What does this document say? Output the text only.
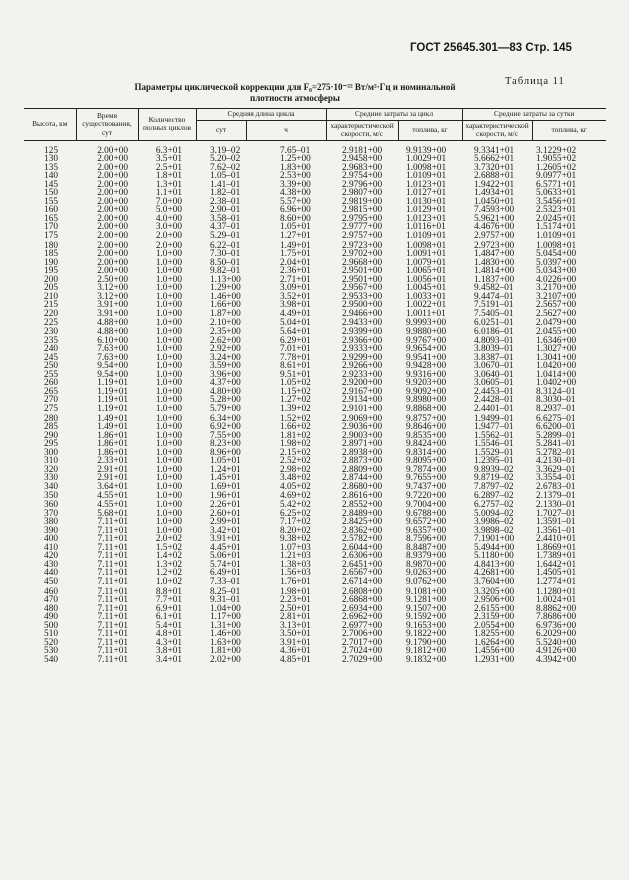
ГОСТ 25645.301—83 Стр. 145
Таблица 11
Параметры циклической коррекции для F₀=275·10⁻²² Вт/м²·Гц и номинальной
плотности атмосферы
Высота, км	Время существования, сут	Количество полных циклов	Средняя длина цикла		Средние затраты за цикл		Средние затраты за сутки	
			сут	ч	характеристической скорости, м/с	топлива, кг	характеристической скорости, м/с	топлива, кг
125	2.00+00	6.3+01	3.19–02	7.65–01	2.9181+00	9.9139+00	9.3341+01	3.1229+02
130	2.00+00	3.5+01	5.20–02	1.25+00	2.9458+00	1.0029+01	5.6662+01	1.9055+02
135	2.00+00	2.5+01	7.62–02	1.83+00	2.9683+00	1.0098+01	3.7320+01	1.2605+02
140	2.00+00	1.8+01	1.05–01	2.53+00	2.9754+00	1.0109+01	2.6888+01	9.0977+01
145	2.00+00	1.3+01	1.41–01	3.39+00	2.9796+00	1.0123+01	1.9422+01	6.5771+01
150	2.00+00	1.1+01	1.82–01	4.38+00	2.9807+00	1.0127+01	1.4934+01	5.0633+01
155	2.00+00	7.0+00	2.38–01	5.57+00	2.9819+00	1.0130+01	1.0450+01	3.5456+01
160	2.00+00	5.0+00	2.90–01	6.96+00	2.9815+00	1.0129+01	7.4593+00	2.5323+01
165	2.00+00	4.0+00	3.58–01	8.60+00	2.9795+00	1.0123+01	5.9621+00	2.0245+01
170	2.00+00	3.0+00	4.37–01	1.05+01	2.9777+00	1.0116+01	4.4676+00	1.5174+01
175	2.00+00	2.0+00	5.29–01	1.27+01	2.9757+00	1.0109+01	2.9757+00	1.0109+01
180	2.00+00	2.0+00	6.22–01	1.49+01	2.9723+00	1.0098+01	2.9723+00	1.0098+01
185	2.00+00	1.0+00	7.30–01	1.75+01	2.9702+00	1.0091+01	1.4847+00	5.0454+00
190	2.00+00	1.0+00	8.50–01	2.04+01	2.9668+00	1.0079+01	1.4830+00	5.0397+00
195	2.00+00	1.0+00	9.82–01	2.36+01	2.9501+00	1.0065+01	1.4814+00	5.0343+00
200	2.50+00	1.0+00	1.13+00	2.71+01	2.9501+00	1.0056+01	1.1837+00	4.0226+00
205	3.12+00	1.0+00	1.29+00	3.09+01	2.9567+00	1.0045+01	9.4582–01	3.2170+00
210	3.12+00	1.0+00	1.46+00	3.52+01	2.9533+00	1.0033+01	9.4474–01	3.2107+00
215	3.91+00	1.0+00	1.66+00	3.98+01	2.9500+00	1.0022+01	7.5191–01	2.5657+00
220	3.91+00	1.0+00	1.87+00	4.49+01	2.9466+00	1.0011+01	7.5405–01	2.5627+00
225	4.88+00	1.0+00	2.10+00	5.04+01	2.9433+00	9.9993+00	6.0251–01	2.0479+00
230	4.88+00	1.0+00	2.35+00	5.64+01	2.9399+00	9.9880+00	6.0186–01	2.0455+00
235	6.10+00	1.0+00	2.62+00	6.29+01	2.9366+00	9.9767+00	4.8093–01	1.6346+00
240	7.63+00	1.0+00	2.92+00	7.01+01	2.9333+00	9.9654+00	3.8039–01	1.3027+00
245	7.63+00	1.0+00	3.24+00	7.78+01	2.9299+00	9.9541+00	3.8387–01	1.3041+00
250	9.54+00	1.0+00	3.59+00	8.61+01	2.9266+00	9.9428+00	3.0670–01	1.0420+00
255	9.54+00	1.0+00	3.96+00	9.51+01	2.9233+00	9.9316+00	3.0640–01	1.0414+00
260	1.19+01	1.0+00	4.37+00	1.05+02	2.9200+00	9.9203+00	3.0605–01	1.0402+00
265	1.19+01	1.0+00	4.80+00	1.15+02	2.9167+00	9.9092+00	2.4453–01	8.3124–01
270	1.19+01	1.0+00	5.28+00	1.27+02	2.9134+00	9.8980+00	2.4428–01	8.3030–01
275	1.19+01	1.0+00	5.79+00	1.39+02	2.9101+00	9.8868+00	2.4401–01	8.2937–01
280	1.49+01	1.0+00	6.34+00	1.52+02	2.9069+00	9.8757+00	1.9499–01	6.6275–01
285	1.49+01	1.0+00	6.92+00	1.66+02	2.9036+00	9.8646+00	1.9477–01	6.6200–01
290	1.86+01	1.0+00	7.55+00	1.81+02	2.9003+00	9.8535+00	1.5562–01	5.2899–01
295	1.86+01	1.0+00	8.23+00	1.98+02	2.8971+00	9.8424+00	1.5546–01	5.2841–01
300	1.86+01	1.0+00	8.96+00	2.15+02	2.8938+00	9.8314+00	1.5529–01	5.2782–01
310	2.33+01	1.0+00	1.05+01	2.52+02	2.8873+00	9.8095+00	1.2395–01	4.2130–01
320	2.91+01	1.0+00	1.24+01	2.98+02	2.8809+00	9.7874+00	9.8939–02	3.3629–01
330	2.91+01	1.0+00	1.45+01	3.48+02	2.8744+00	9.7655+00	9.8719–02	3.3554–01
340	3.64+01	1.0+00	1.69+01	4.05+02	2.8680+00	9.7437+00	7.8797–02	2.6783–01
350	4.55+01	1.0+00	1.96+01	4.69+02	2.8616+00	9.7220+00	6.2897–02	2.1379–01
360	4.55+01	1.0+00	2.26+01	5.42+02	2.8552+00	9.7004+00	6.2757–02	2.1330–01
370	5.68+01	1.0+00	2.60+01	6.25+02	2.8489+00	9.6788+00	5.0094–02	1.7027–01
380	7.11+01	1.0+00	2.99+01	7.17+02	2.8425+00	9.6572+00	3.9986–02	1.3591–01
390	7.11+01	1.0+00	3.42+01	8.20+02	2.8362+00	9.6357+00	3.9898–02	1.3561–01
400	7.11+01	2.0+02	3.91+01	9.38+02	2.5782+00	8.7596+00	7.1901+00	2.4410+01
410	7.11+01	1.5+02	4.45+01	1.07+03	2.6044+00	8.8487+00	5.4944+00	1.8669+01
420	7.11+01	1.4+02	5.06+01	1.21+03	2.6306+00	8.9379+00	5.1180+00	1.7389+01
430	7.11+01	1.3+02	5.74+01	1.38+03	2.6451+00	8.9870+00	4.8413+00	1.6442+01
440	7.11+01	1.2+02	6.49+01	1.56+03	2.6567+00	9.0263+00	4.2681+00	1.4505+01
450	7.11+01	1.0+02	7.33–01	1.76+01	2.6714+00	9.0762+00	3.7604+00	1.2774+01
460	7.11+01	8.8+01	8.25–01	1.98+01	2.6808+00	9.1081+00	3.3205+00	1.1280+01
470	7.11+01	7.7+01	9.31–01	2.23+01	2.6868+00	9.1281+00	2.9506+00	1.0024+01
480	7.11+01	6.9+01	1.04+00	2.50+01	2.6934+00	9.1507+00	2.6155+00	8.8862+00
490	7.11+01	6.1+01	1.17+00	2.81+01	2.6962+00	9.1592+00	2.3159+00	7.8686+00
500	7.11+01	5.4+01	1.31+00	3.13+01	2.6977+00	9.1653+00	2.0554+00	6.9736+00
510	7.11+01	4.8+01	1.46+00	3.50+01	2.7006+00	9.1822+00	1.8255+00	6.2029+00
520	7.11+01	4.3+01	1.63+00	3.91+01	2.7017+00	9.1790+00	1.6264+00	5.5240+00
530	7.11+01	3.8+01	1.81+00	4.36+01	2.7024+00	9.1812+00	1.4556+00	4.9126+00
540	7.11+01	3.4+01	2.02+00	4.85+01	2.7029+00	9.1832+00	1.2931+00	4.3942+00
